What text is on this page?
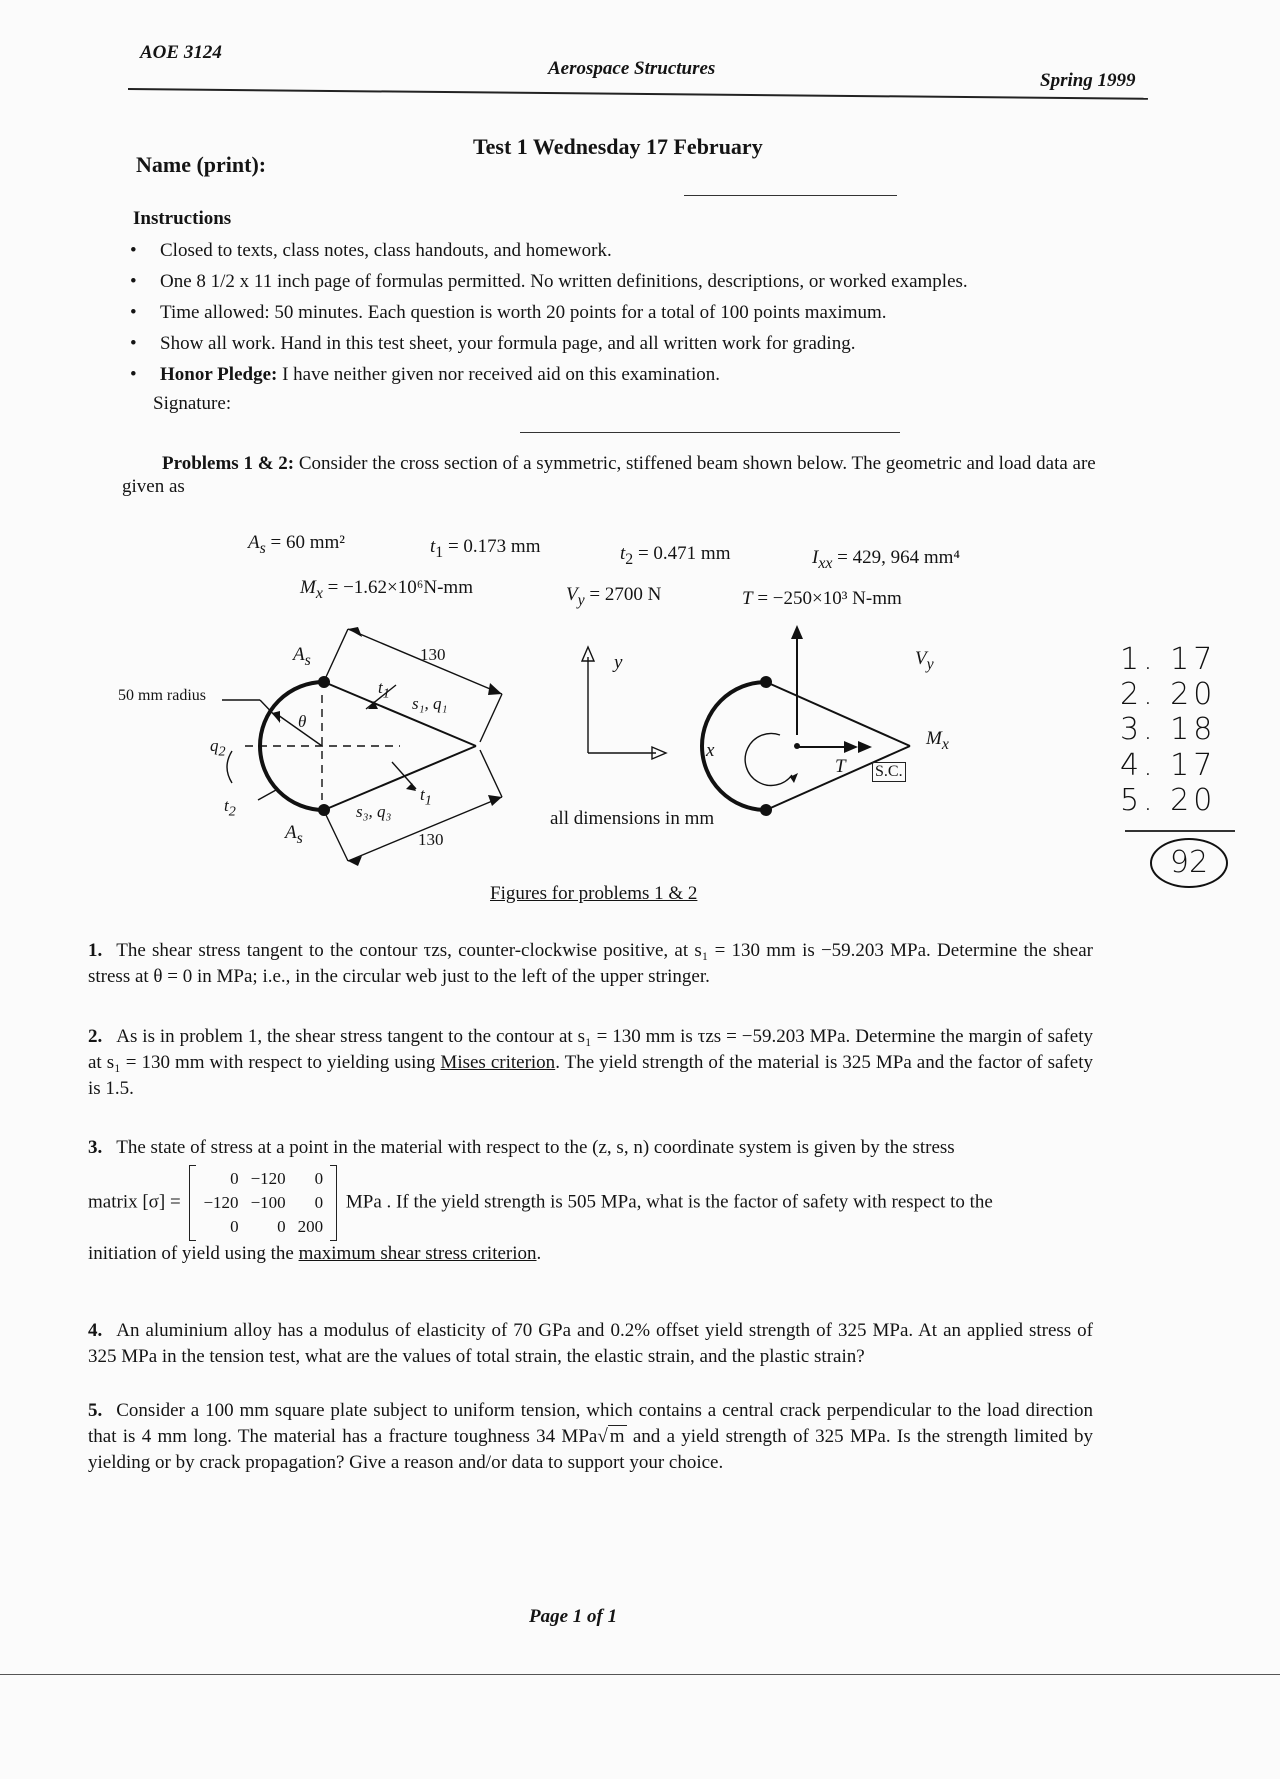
AOE 3124
Aerospace Structures
Spring 1999
Test 1 Wednesday 17 February
Name (print):
Instructions
• Closed to texts, class notes, class handouts, and homework.
• One 8 1/2 x 11 inch page of formulas permitted. No written definitions, descriptions, or worked examples.
• Time allowed: 50 minutes. Each question is worth 20 points for a total of 100 points maximum.
• Show all work. Hand in this test sheet, your formula page, and all written work for grading.
• Honor Pledge: I have neither given nor received aid on this examination.
Signature:
Problems 1 & 2: Consider the cross section of a symmetric, stiffened beam shown below. The geometric and load data are given as
$A_s = 60$ mm²	$t_1 = 0.173$ mm	$t_2 = 0.471$ mm	$I_{xx} = 429$, 964 mm⁴
$M_x = -1.62\times 10^6N-mm$	$V_y = 2700$ N	T = −250×10³ N-mm
$A_s$
$A_s$
130
130
50 mm radius
θ
$q_2$
$t_2$
$t_1$
$t_1$
s₁, q₁
s₃, q₃
y
x
all dimensions in mm
$V_y$
$M_x$
T S.C.
Figures for problems 1 & 2
1. The shear stress tangent to the contour τzs, counter-clockwise positive, at s₁ = 130 mm is −59.203 MPa. Determine the shear stress at θ = 0 in MPa; i.e., in the circular web just to the left of the upper stringer.
2. As is in problem 1, the shear stress tangent to the contour at s₁ = 130 mm is τzs = −59.203 MPa. Determine the margin of safety at s₁ = 130 mm with respect to yielding using Mises criterion. The yield strength of the material is 325 MPa and the factor of safety is 1.5.
3. The state of stress at a point in the material with respect to the (z, s, n) coordinate system is given by the stress
matrix [σ] =
0	−120	0
−120	−100	0
0	0	200
MPa . If the yield strength is 505 MPa, what is the factor of safety with respect to the
initiation of yield using the maximum shear stress criterion.
4. An aluminium alloy has a modulus of elasticity of 70 GPa and 0.2% offset yield strength of 325 MPa. At an applied stress of 325 MPa in the tension test, what are the values of total strain, the elastic strain, and the plastic strain?
5. Consider a 100 mm square plate subject to uniform tension, which contains a central crack perpendicular to the load direction that is 4 mm long. The material has a fracture toughness 34 MPa√ m and a yield strength of 325 MPa. Is the strength limited by yielding or by crack propagation? Give a reason and/or data to support your choice.
1. 17
2. 20
3. 18
4. 17
5. 20
92
Page 1 of 1
